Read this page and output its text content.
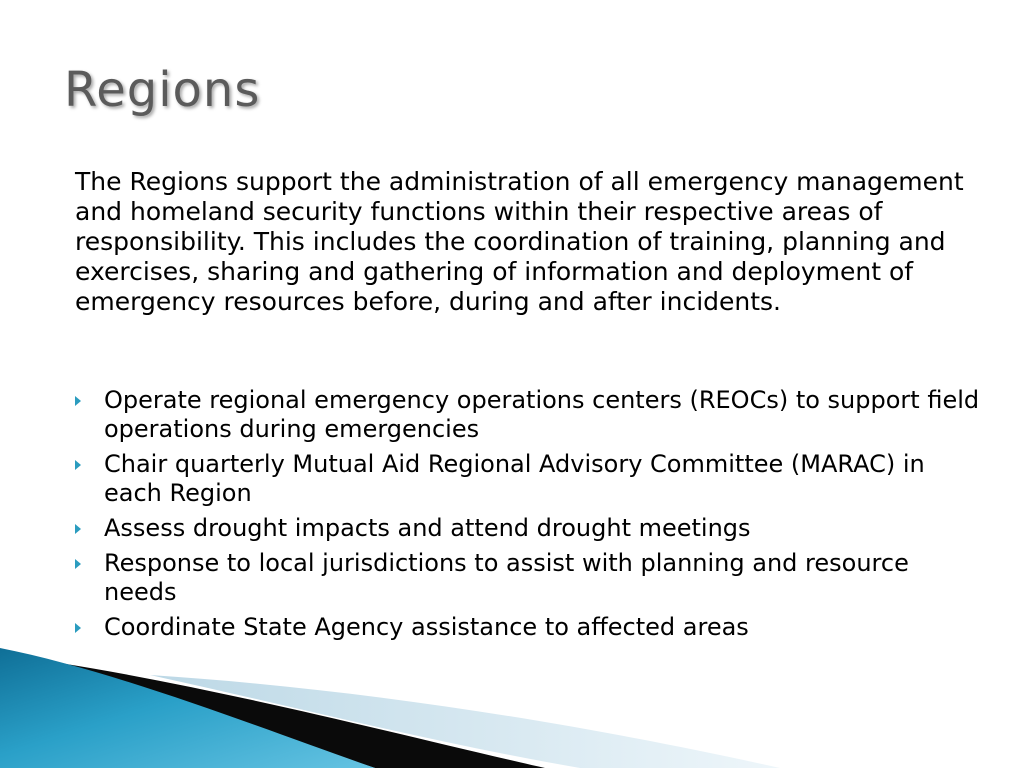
Regions

The Regions support the administration of all emergency management and homeland security functions within their respective areas of responsibility. This includes the coordination of training, planning and exercises, sharing and gathering of information and deployment of emergency resources before, during and after incidents.

Operate regional emergency operations centers (REOCs) to support field operations during emergencies
Chair quarterly Mutual Aid Regional Advisory Committee (MARAC) in each Region
Assess drought impacts and attend drought meetings
Response to local jurisdictions to assist with planning and resource needs
Coordinate State Agency assistance to affected areas
